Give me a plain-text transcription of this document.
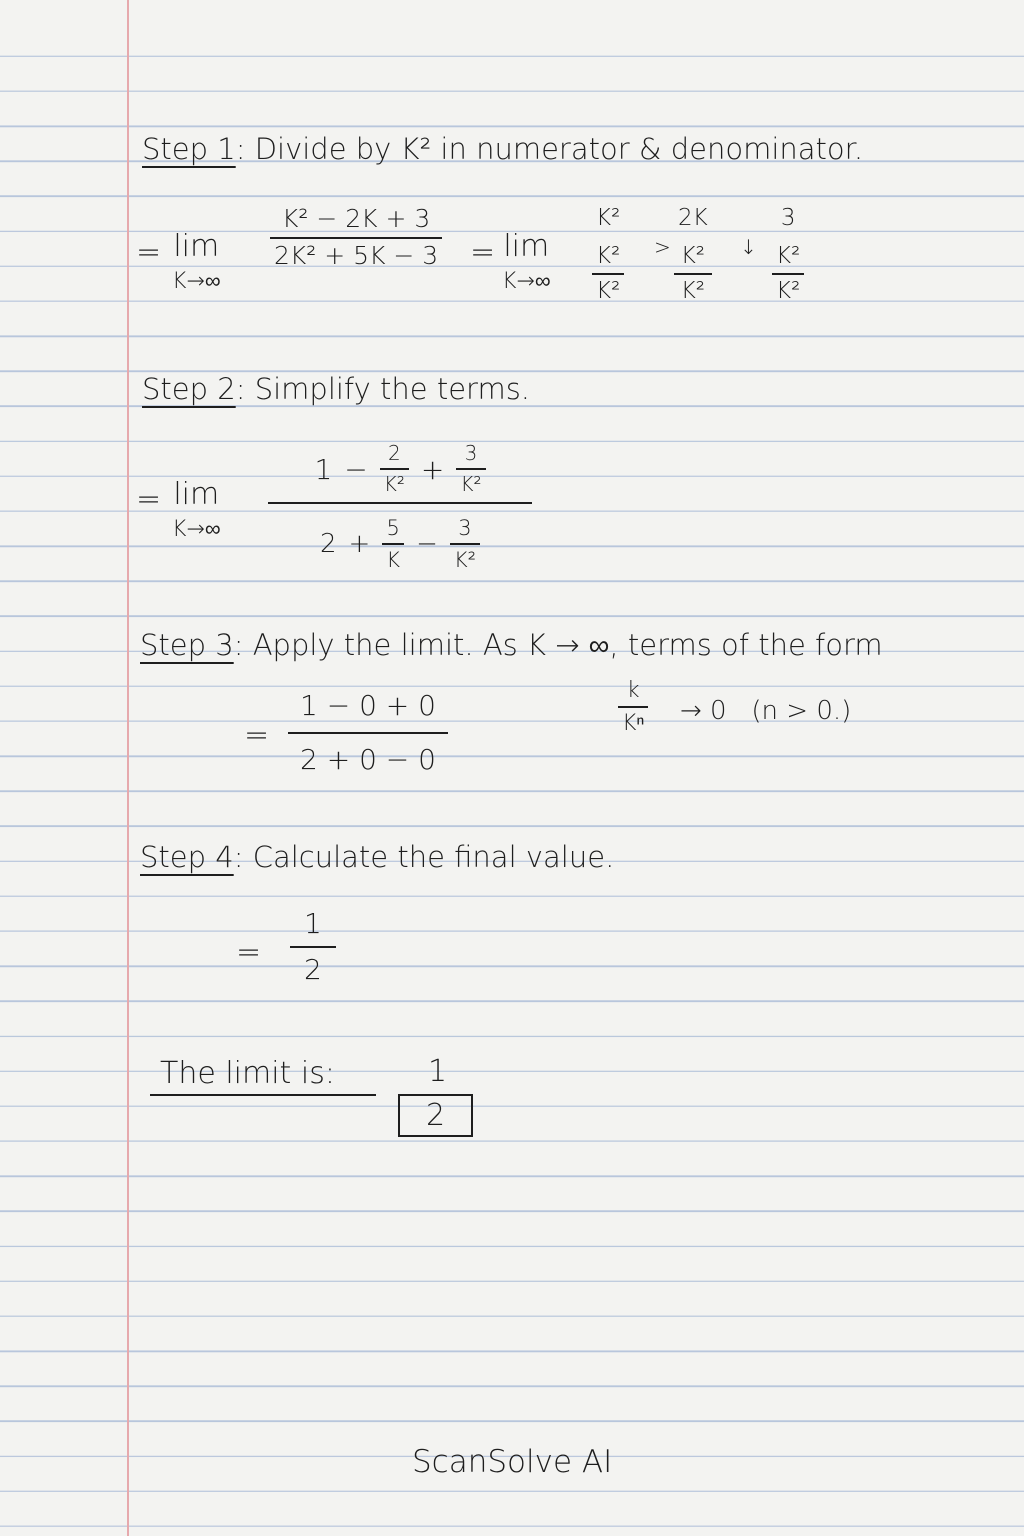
Step 1: Divide by K² in numerator & denominator.
= lim
K→∞
$\frac{\text{K² − 2K + 3}}{\text{2K² + 5K − 3}} = \lim$
K→∞
K²
K²
K²
>
2K
K²
K²
↓
3
K²
K²
Step 2: Simplify the terms.
= lim
K→∞
$1 - \frac{2}{\text{K²}} + \frac{3}{\text{K²}}$
$2 + \frac{5}{K} - \frac{3}{\text{K²}}$
Step 3: Apply the limit. As K → ∞, terms of the form
= $\frac{1 - 0 + 0}{2 + 0 - 0}$	$\frac{k}{\text{Kⁿ}} \to 0$   (n > 0.)
Step 4: Calculate the final value.
= $\frac{1}{2}$
The limit is:	1
2
ScanSolve AI
